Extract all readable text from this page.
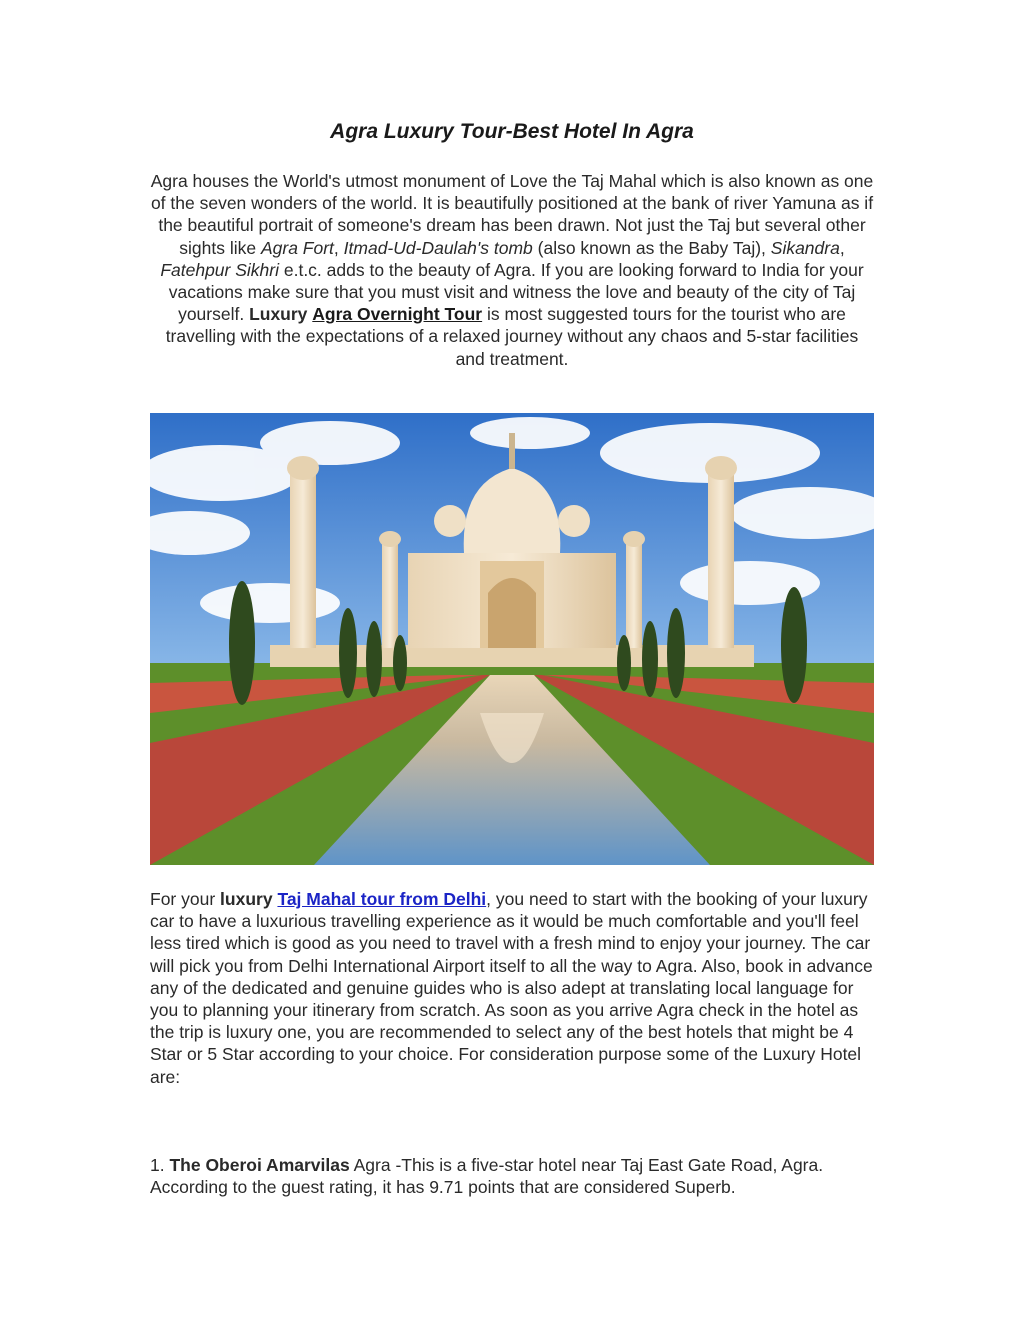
Agra Luxury Tour-Best Hotel In Agra

Agra houses the World's utmost monument of Love the Taj Mahal which is also known as one of the seven wonders of the world. It is beautifully positioned at the bank of river Yamuna as if the beautiful portrait of someone's dream has been drawn. Not just the Taj but several other sights like Agra Fort, Itmad-Ud-Daulah's tomb (also known as the Baby Taj), Sikandra, Fatehpur Sikhri e.t.c. adds to the beauty of Agra. If you are looking forward to India for your vacations make sure that you must visit and witness the love and beauty of the city of Taj yourself. Luxury Agra Overnight Tour is most suggested tours for the tourist who are travelling with the expectations of a relaxed journey without any chaos and 5-star facilities and treatment.

For your luxury Taj Mahal tour from Delhi, you need to start with the booking of your luxury car to have a luxurious travelling experience as it would be much comfortable and you'll feel less tired which is good as you need to travel with a fresh mind to enjoy your journey. The car will pick you from Delhi International Airport itself to all the way to Agra. Also, book in advance any of the dedicated and genuine guides who is also adept at translating local language for you to planning your itinerary from scratch. As soon as you arrive Agra check in the hotel as the trip is luxury one, you are recommended to select any of the best hotels that might be 4 Star or 5 Star according to your choice. For consideration purpose some of the Luxury Hotel are:

1. The Oberoi Amarvilas Agra -This is a five-star hotel near Taj East Gate Road, Agra. According to the guest rating, it has 9.71 points that are considered Superb.
